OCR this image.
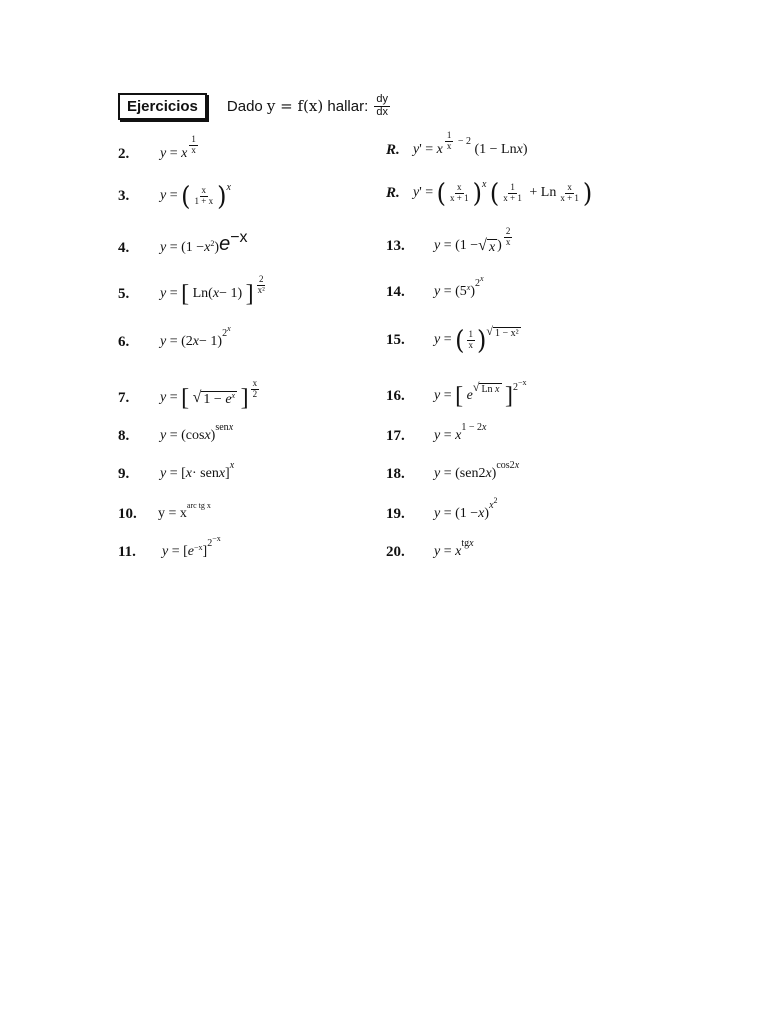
Ejercicios	Dado
y = f(x)
hallar:
$\frac{dy}{dx}$
2.	y = x $\frac{1}{x}$	R. y ' = x $\frac{1}{x} - 2$
(1 − Ln x )
3.	y = ( $\frac{x}{1 + x}$ ) x	R. y ' = ( $\frac{x}{x + 1}$ ) x
( $\frac{1}{x + 1} + Ln \frac{x}{x + 1}$ )
4.	y = (1 − x 2 ) e −x	13.	y = (1 − √ x ) $\frac{2}{x}$
5.	y = [ Ln( x − 1) ] $\frac{2}{\text{x²}}$	14.	y = (5 x )
2 x
6.	y = (2 x − 1)
2 x
15.	y = ( $\frac{1}{x}$ ) √ 1 − x²
7.	y = [
√ $1 - e^x$
] $\frac{x}{2}$	16.	y = [
e
√ Ln x
] 2 −x
8.	y = (cos x )
sen x
17.	y = x
1 − 2 x
9.	y = [ x · sen x ]
x
18.	y = (sen2 x )
cos2 x
10.	y = x
arc tg x
19.	y = (1 − x )
x 2
11.	y = [ e −x ]
2 −x
20.	y = x
tg x
